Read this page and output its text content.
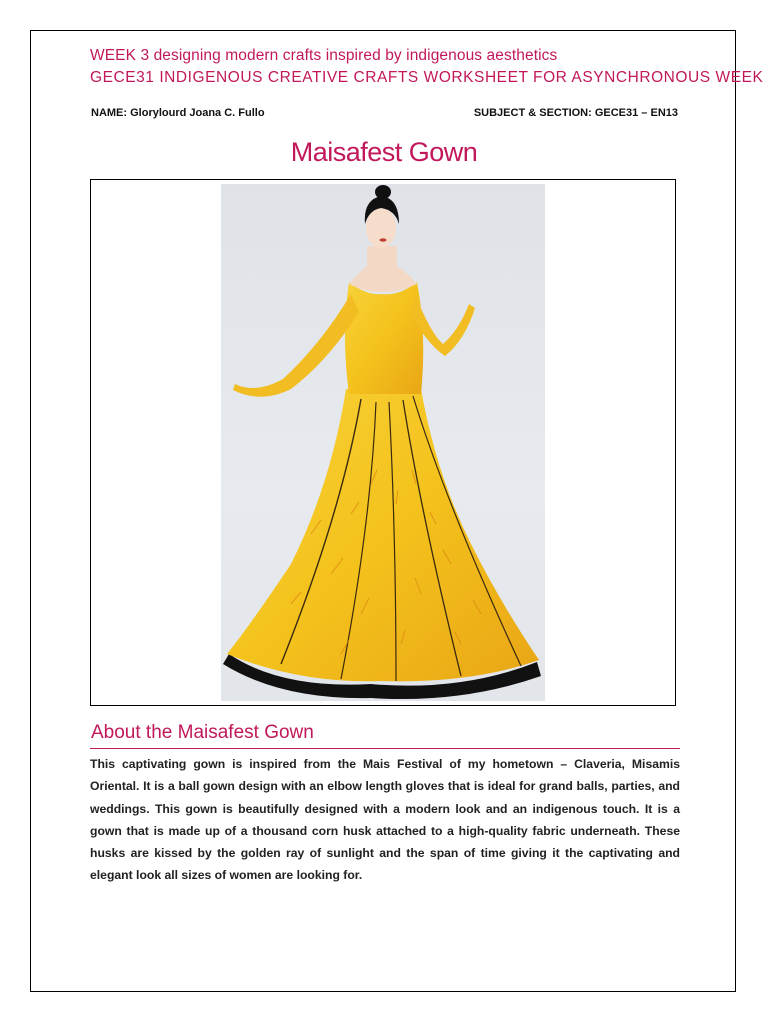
WEEK 3 designing modern crafts inspired by indigenous aesthetics
GECE31 INDIGENOUS CREATIVE CRAFTS WORKSHEET FOR ASYNCHRONOUS WEEK
NAME: Glorylourd Joana C. Fullo	SUBJECT & SECTION: GECE31 – EN13
Maisafest Gown
About the Maisafest Gown

This captivating gown is inspired from the Mais Festival of my hometown – Claveria, Misamis Oriental. It is a ball gown design with an elbow length gloves that is ideal for grand balls, parties, and weddings. This gown is beautifully designed with a modern look and an indigenous touch. It is a gown that is made up of a thousand corn husk attached to a high-quality fabric underneath. These husks are kissed by the golden ray of sunlight and the span of time giving it the captivating and elegant look all sizes of women are looking for.
